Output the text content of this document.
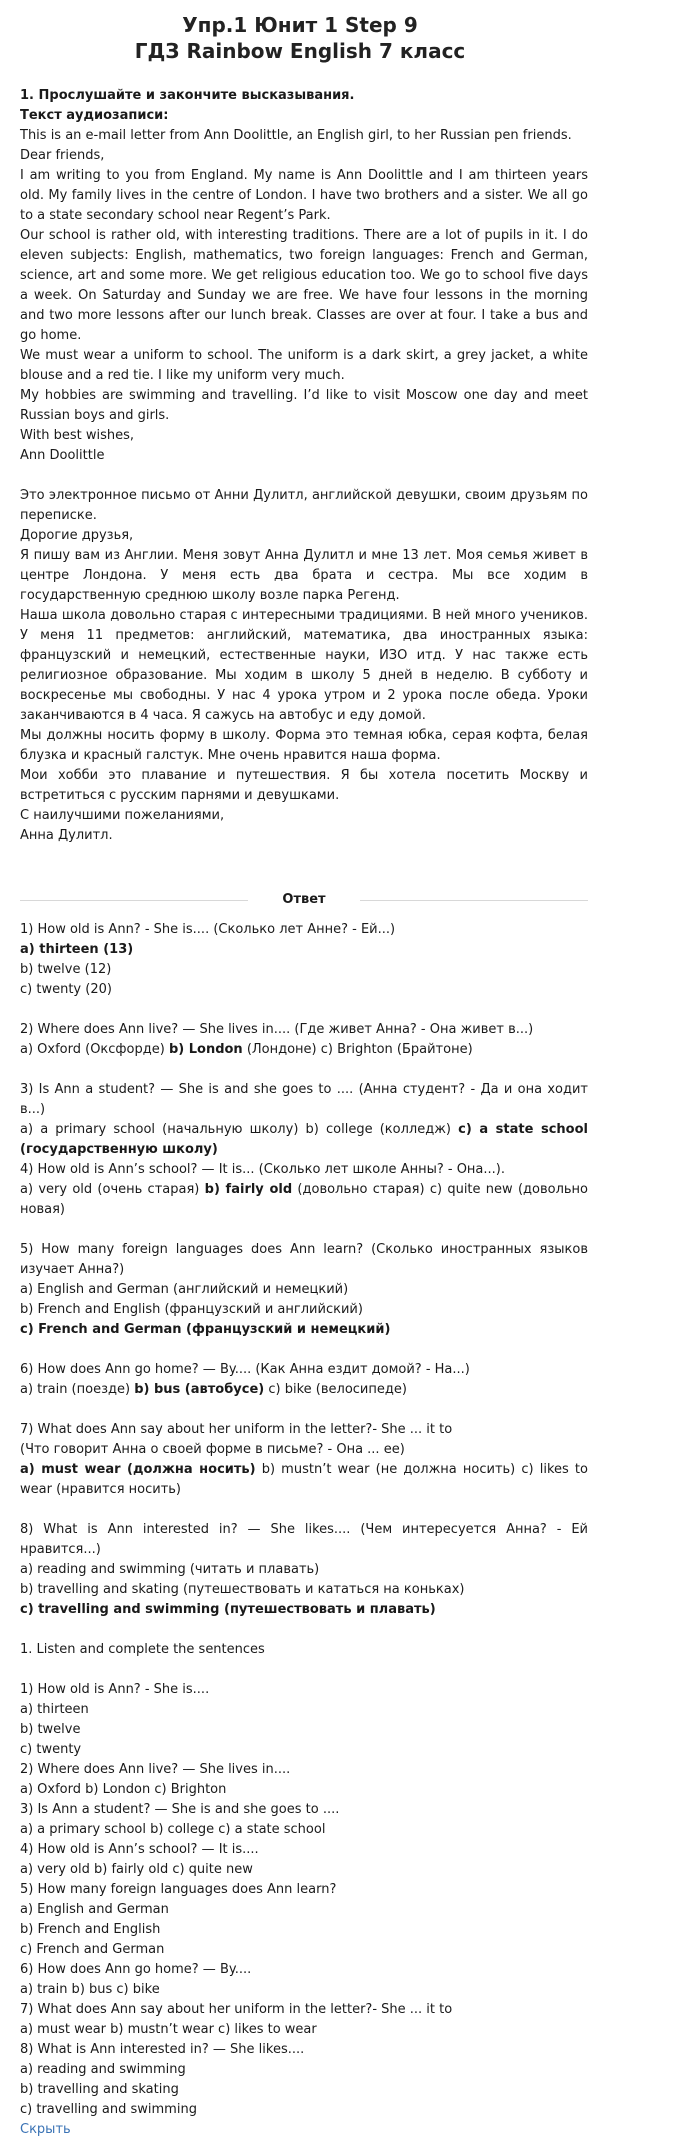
Упр.1 Юнит 1 Step 9
ГДЗ Rainbow English 7 класс

1. Прослушайте и закончите высказывания.

Текст аудиозаписи:

This is an e-mail letter from Ann Doolittle, an English girl, to her Russian pen friends.

Dear friends,

I am writing to you from England. My name is Ann Doolittle and I am thirteen years old. My family lives in the centre of London. I have two brothers and a sister. We all go to a state secondary school near Regent’s Park.

Our school is rather old, with interesting traditions. There are a lot of pupils in it. I do eleven subjects: English, mathematics, two foreign languages: French and German, science, art and some more. We get religious education too. We go to school five days a week. On Saturday and Sunday we are free. We have four lessons in the morning and two more lessons after our lunch break. Classes are over at four. I take a bus and go home.

We must wear a uniform to school. The uniform is a dark skirt, a grey jacket, a white blouse and a red tie. I like my uniform very much.

My hobbies are swimming and travelling. I’d like to visit Moscow one day and meet Russian boys and girls.

With best wishes,

Ann Doolittle

Это электронное письмо от Анни Дулитл, английской девушки, своим друзьям по переписке.

Дорогие друзья,

Я пишу вам из Англии. Меня зовут Анна Дулитл и мне 13 лет. Моя семья живет в центре Лондона. У меня есть два брата и сестра. Мы все ходим в государственную среднюю школу возле парка Регенд.

Наша школа довольно старая с интересными традициями. В ней много учеников. У меня 11 предметов: английский, математика, два иностранных языка: французский и немецкий, естественные науки, ИЗО итд. У нас также есть религиозное образование. Мы ходим в школу 5 дней в неделю. В субботу и воскресенье мы свободны. У нас 4 урока утром и 2 урока после обеда. Уроки заканчиваются в 4 часа. Я сажусь на автобус и еду домой.

Мы должны носить форму в школу. Форма это темная юбка, серая кофта, белая блузка и красный галстук. Мне очень нравится наша форма.

Мои хобби это плавание и путешествия. Я бы хотела посетить Москву и встретиться с русским парнями и девушками.

С наилучшими пожеланиями,

Анна Дулитл.

Ответ

1) How old is Ann? - She is.... (Сколько лет Анне? - Ей...)

a) thirteen (13)

b) twelve (12)

c) twenty (20)

2) Where does Ann live? — She lives in.... (Где живет Анна? - Она живет в...)

a) Oxford (Оксфорде) b) London (Лондоне) c) Brighton (Брайтоне)

3) Is Ann a student? — She is and she goes to .... (Анна студент? - Да и она ходит в...)

a) a primary school (начальную школу) b) college (колледж) c) a state school (государственную школу)

4) How old is Ann’s school? — It is... (Сколько лет школе Анны? - Она...).

a) very old (очень старая) b) fairly old (довольно старая) c) quite new (довольно новая)

5) How many foreign languages does Ann learn? (Сколько иностранных языков изучает Анна?)

a) English and German (английский и немецкий)

b) French and English (французский и английский)

c) French and German (французский и немецкий)

6) How does Ann go home? — By.... (Как Анна ездит домой? - На...)

a) train (поезде) b) bus (автобусе) c) bike (велосипеде)

7) What does Ann say about her uniform in the letter?- She ... it to

(Что говорит Анна о своей форме в письме? - Она ... ее)

a) must wear (должна носить) b) mustn’t wear (не должна носить) c) likes to wear (нравится носить)

8) What is Ann interested in? — She likes.... (Чем интересуется Анна? - Ей нравится...)

a) reading and swimming (читать и плавать)

b) travelling and skating (путешествовать и кататься на коньках)

c) travelling and swimming (путешествовать и плавать)

1. Listen and complete the sentences

1) How old is Ann? - She is....

a) thirteen

b) twelve

c) twenty

2) Where does Ann live? — She lives in....

a) Oxford b) London c) Brighton

3) Is Ann a student? — She is and she goes to ....

a) a primary school b) college c) a state school

4) How old is Ann’s school? — It is....

a) very old b) fairly old c) quite new

5) How many foreign languages does Ann learn?

a) English and German

b) French and English

c) French and German

6) How does Ann go home? — By....

a) train b) bus c) bike

7) What does Ann say about her uniform in the letter?- She ... it to

a) must wear b) mustn’t wear c) likes to wear

8) What is Ann interested in? — She likes....

a) reading and swimming

b) travelling and skating

c) travelling and swimming

Скрыть
